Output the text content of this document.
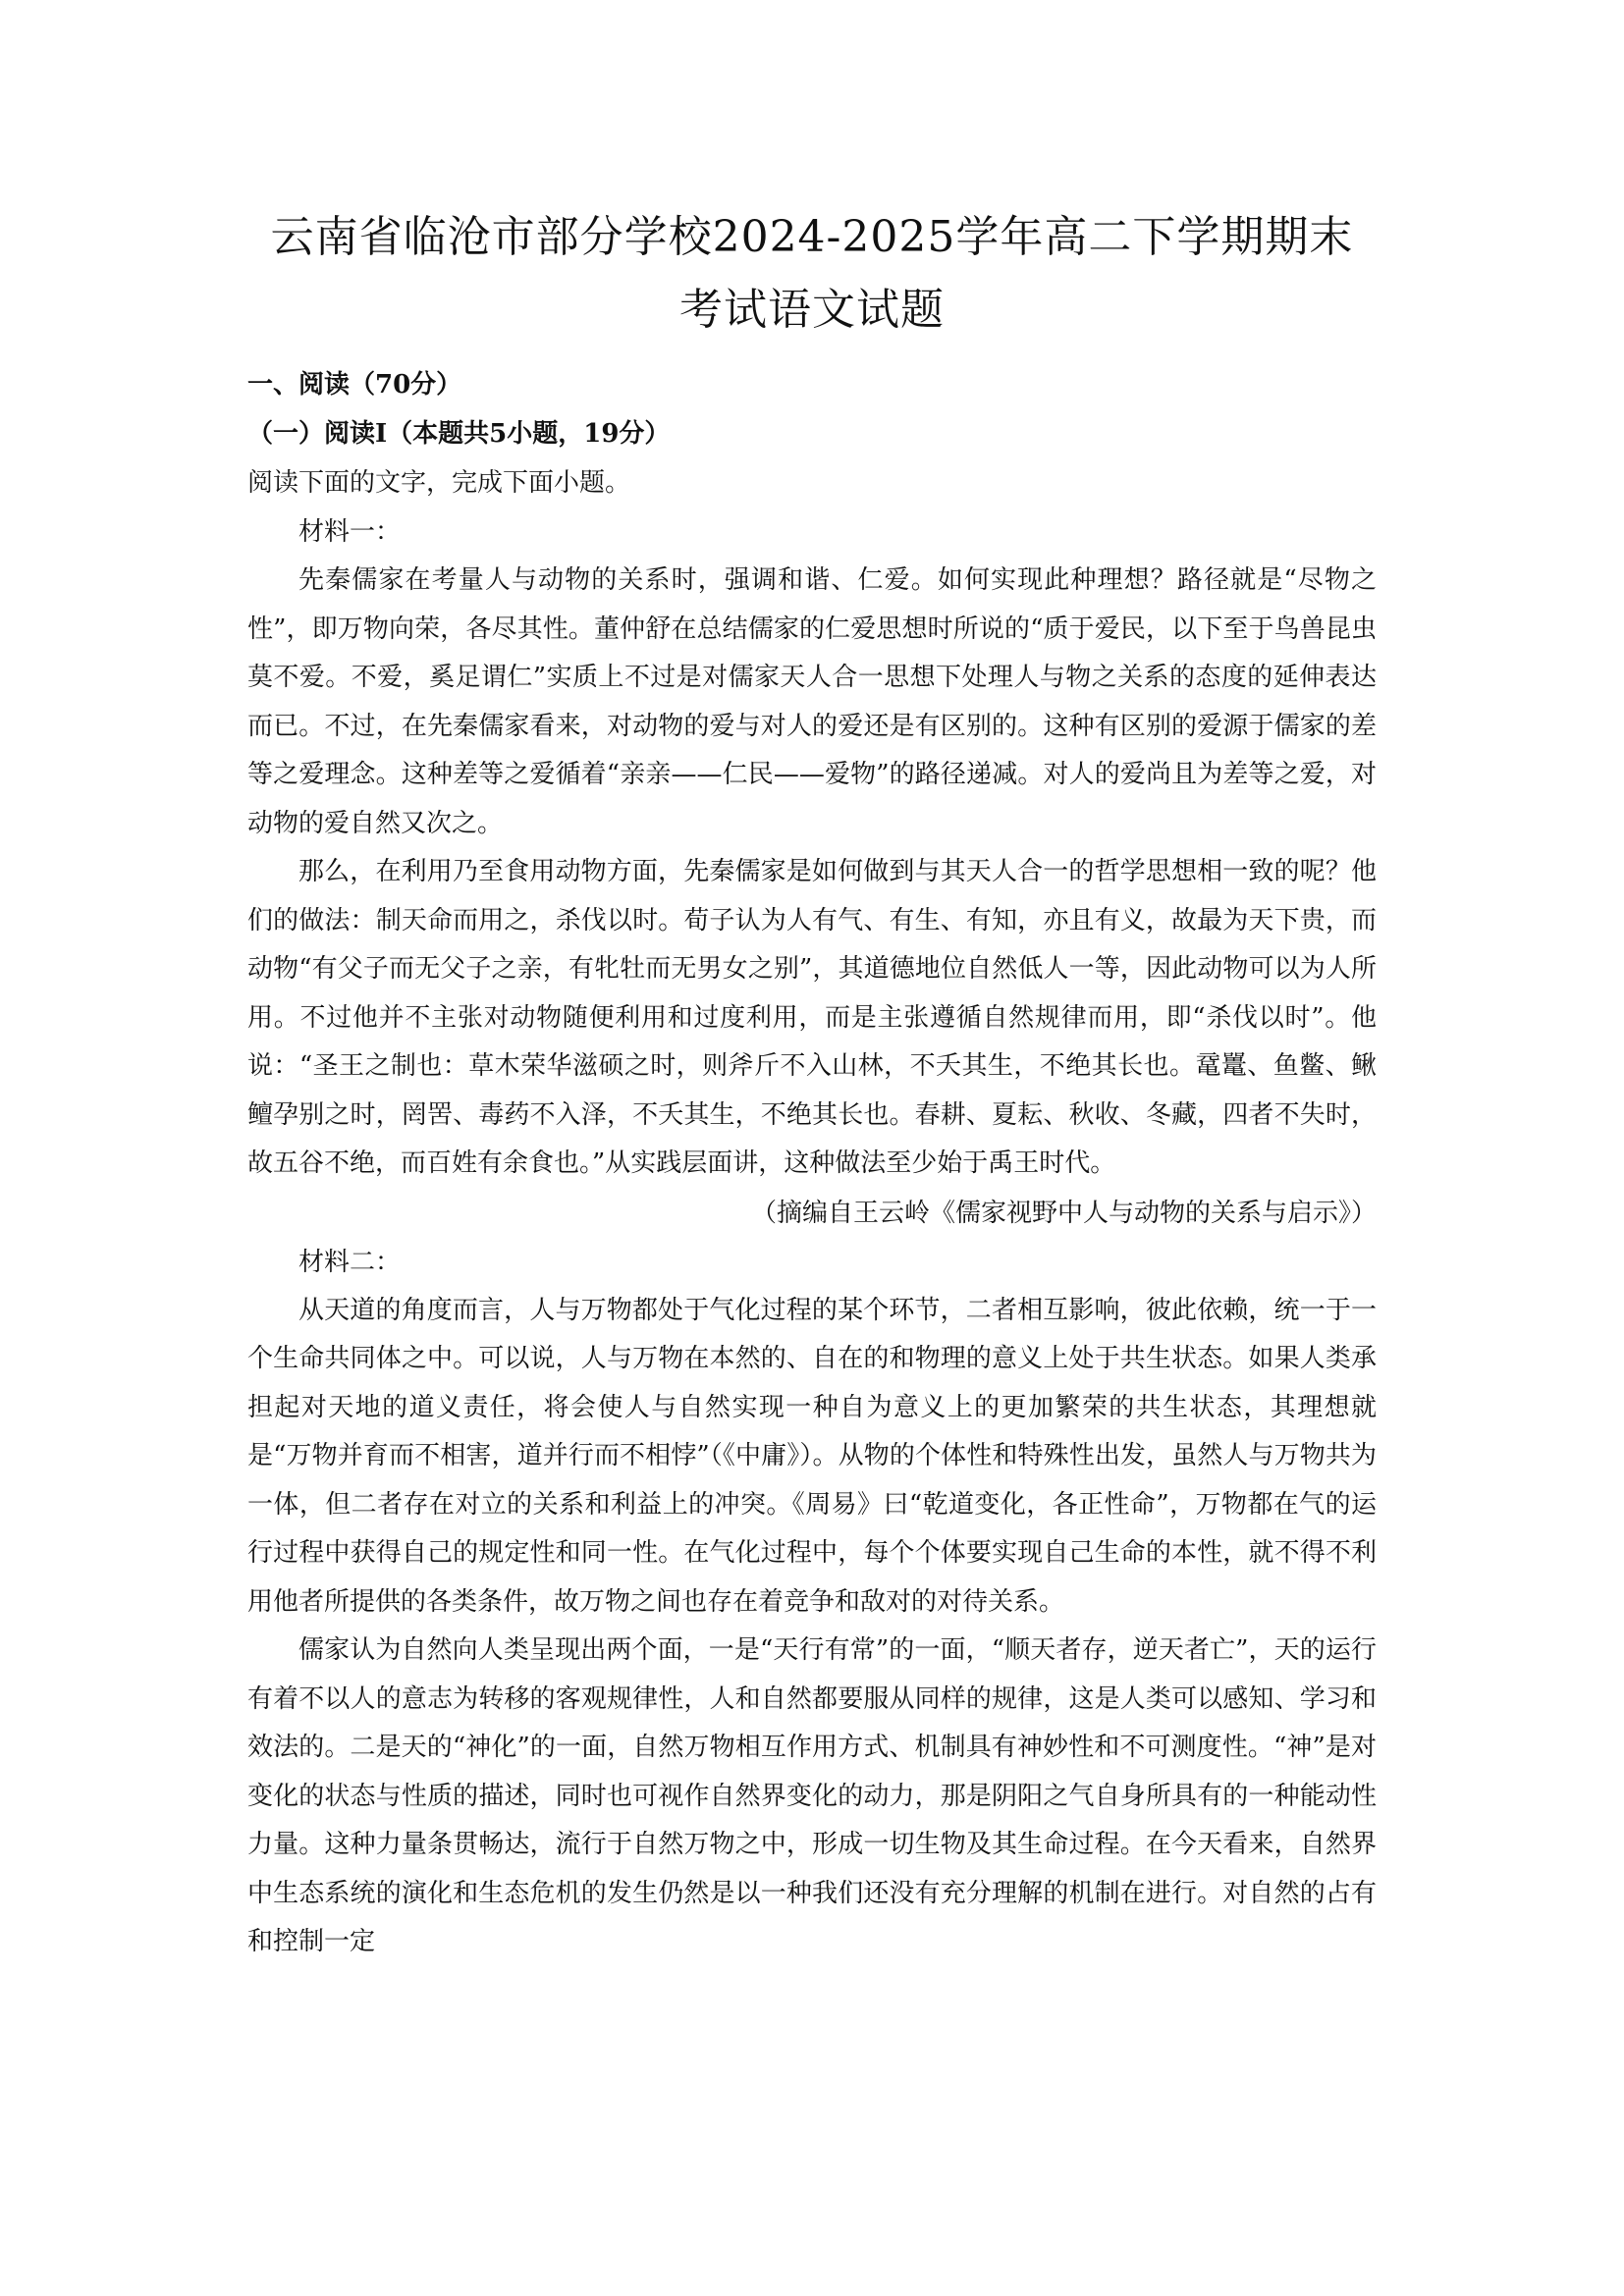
云南省临沧市部分学校2024-2025学年高二下学期期末
考试语文试题

一、阅读（70分）

（一）阅读Ⅰ（本题共5小题，19分）

阅读下面的文字，完成下面小题。

材料一：

先秦儒家在考量人与动物的关系时，强调和谐、仁爱。如何实现此种理想？路径就是“尽物之性”，即万物向荣，各尽其性。董仲舒在总结儒家的仁爱思想时所说的“质于爱民，以下至于鸟兽昆虫莫不爱。不爱，奚足谓仁”实质上不过是对儒家天人合一思想下处理人与物之关系的态度的延伸表达而已。不过，在先秦儒家看来，对动物的爱与对人的爱还是有区别的。这种有区别的爱源于儒家的差等之爱理念。这种差等之爱循着“亲亲——仁民——爱物”的路径递减。对人的爱尚且为差等之爱，对动物的爱自然又次之。

那么，在利用乃至食用动物方面，先秦儒家是如何做到与其天人合一的哲学思想相一致的呢？他们的做法：制天命而用之，杀伐以时。荀子认为人有气、有生、有知，亦且有义，故最为天下贵，而动物“有父子而无父子之亲，有牝牡而无男女之别”，其道德地位自然低人一等，因此动物可以为人所用。不过他并不主张对动物随便利用和过度利用，而是主张遵循自然规律而用，即“杀伐以时”。他说：“圣王之制也：草木荣华滋硕之时，则斧斤不入山林，不夭其生，不绝其长也。鼋鼍、鱼鳖、鳅鳣孕别之时，罔罟、毒药不入泽，不夭其生，不绝其长也。春耕、夏耘、秋收、冬藏，四者不失时，故五谷不绝，而百姓有余食也。”从实践层面讲，这种做法至少始于禹王时代。

（摘编自王云岭《儒家视野中人与动物的关系与启示》）

材料二：

从天道的角度而言，人与万物都处于气化过程的某个环节，二者相互影响，彼此依赖，统一于一个生命共同体之中。可以说，人与万物在本然的、自在的和物理的意义上处于共生状态。如果人类承担起对天地的道义责任，将会使人与自然实现一种自为意义上的更加繁荣的共生状态，其理想就是“万物并育而不相害，道并行而不相悖”（《中庸》）。从物的个体性和特殊性出发，虽然人与万物共为一体，但二者存在对立的关系和利益上的冲突。《周易》曰“乾道变化，各正性命”，万物都在气的运行过程中获得自己的规定性和同一性。在气化过程中，每个个体要实现自己生命的本性，就不得不利用他者所提供的各类条件，故万物之间也存在着竞争和敌对的对待关系。

儒家认为自然向人类呈现出两个面，一是“天行有常”的一面，“顺天者存，逆天者亡”，天的运行有着不以人的意志为转移的客观规律性，人和自然都要服从同样的规律，这是人类可以感知、学习和效法的。二是天的“神化”的一面，自然万物相互作用方式、机制具有神妙性和不可测度性。“神”是对变化的状态与性质的描述，同时也可视作自然界变化的动力，那是阴阳之气自身所具有的一种能动性力量。这种力量条贯畅达，流行于自然万物之中，形成一切生物及其生命过程。在今天看来，自然界中生态系统的演化和生态危机的发生仍然是以一种我们还没有充分理解的机制在进行。对自然的占有和控制一定
